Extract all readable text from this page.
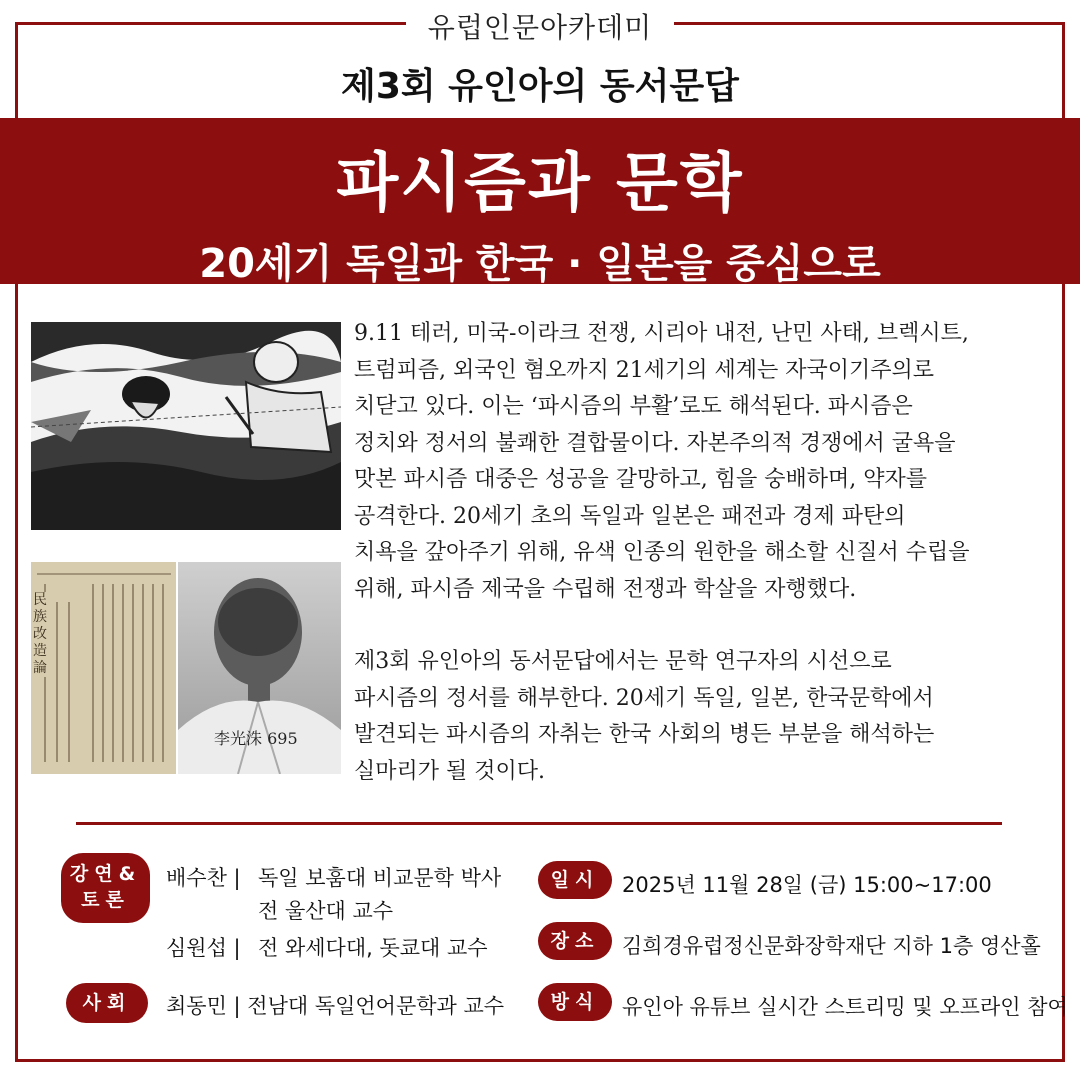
유럽인문아카데미
제3회 유인아의 동서문답
파시즘과 문학
20세기 독일과 한국 · 일본을 중심으로
民族改造論
李光洙 695

9.11 테러, 미국-이라크 전쟁, 시리아 내전, 난민 사태, 브렉시트,
트럼피즘, 외국인 혐오까지 21세기의 세계는 자국이기주의로
치닫고 있다. 이는 ‘파시즘의 부활’로도 해석된다. 파시즘은
정치와 정서의 불쾌한 결합물이다. 자본주의적 경쟁에서 굴욕을
맛본 파시즘 대중은 성공을 갈망하고, 힘을 숭배하며, 약자를
공격한다. 20세기 초의 독일과 일본은 패전과 경제 파탄의
치욕을 갚아주기 위해, 유색 인종의 원한을 해소할 신질서 수립을
위해, 파시즘 제국을 수립해 전쟁과 학살을 자행했다.

제3회 유인아의 동서문답에서는 문학 연구자의 시선으로
파시즘의 정서를 해부한다. 20세기 독일, 일본, 한국문학에서
발견되는 파시즘의 자취는 한국 사회의 병든 부분을 해석하는
실마리가 될 것이다.

강연&
토론
사회
일시
장소
방식
배수찬 | 독일 보훔대 비교문학 박사
전 울산대 교수
심원섭 | 전 와세다대, 돗쿄대 교수
최동민 | 전남대 독일언어문학과 교수
2025년 11월 28일 (금) 15:00~17:00
김희경유럽정신문화장학재단 지하 1층 영산홀
유인아 유튜브 실시간 스트리밍 및 오프라인 참여
